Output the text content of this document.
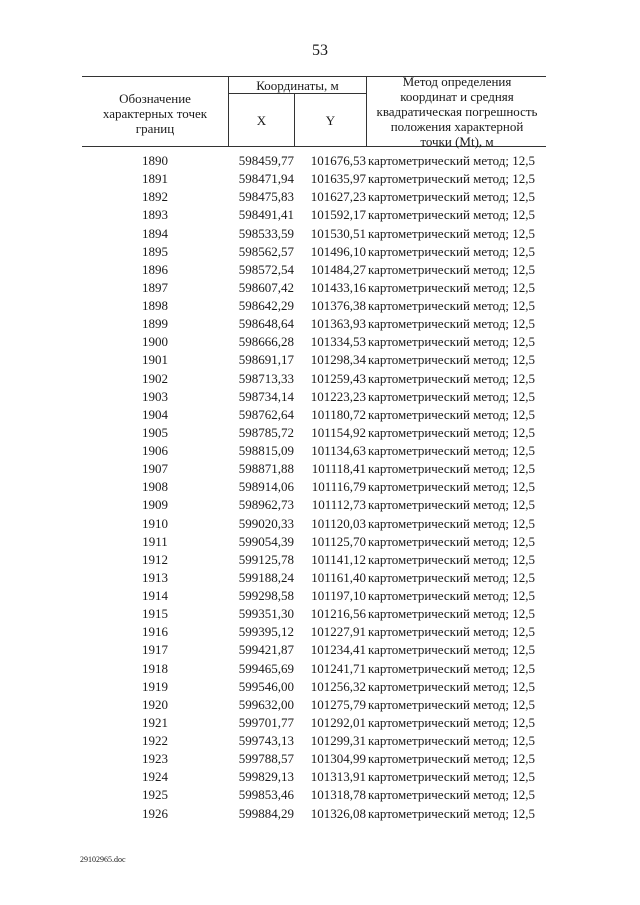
53
Обозначение характерных точек границ
Координаты, м
X	Y
Метод определения координат и средняя квадратическая погрешность положения характерной точки (Mt), м
1890	598459,77	101676,53 картометрический метод; 12,5
1891	598471,94	101635,97 картометрический метод; 12,5
1892	598475,83	101627,23 картометрический метод; 12,5
1893	598491,41	101592,17 картометрический метод; 12,5
1894	598533,59	101530,51 картометрический метод; 12,5
1895	598562,57	101496,10 картометрический метод; 12,5
1896	598572,54	101484,27 картометрический метод; 12,5
1897	598607,42	101433,16 картометрический метод; 12,5
1898	598642,29	101376,38 картометрический метод; 12,5
1899	598648,64	101363,93 картометрический метод; 12,5
1900	598666,28	101334,53 картометрический метод; 12,5
1901	598691,17	101298,34 картометрический метод; 12,5
1902	598713,33	101259,43 картометрический метод; 12,5
1903	598734,14	101223,23 картометрический метод; 12,5
1904	598762,64	101180,72 картометрический метод; 12,5
1905	598785,72	101154,92 картометрический метод; 12,5
1906	598815,09	101134,63 картометрический метод; 12,5
1907	598871,88	101118,41 картометрический метод; 12,5
1908	598914,06	101116,79 картометрический метод; 12,5
1909	598962,73	101112,73 картометрический метод; 12,5
1910	599020,33	101120,03 картометрический метод; 12,5
1911	599054,39	101125,70 картометрический метод; 12,5
1912	599125,78	101141,12 картометрический метод; 12,5
1913	599188,24	101161,40 картометрический метод; 12,5
1914	599298,58	101197,10 картометрический метод; 12,5
1915	599351,30	101216,56 картометрический метод; 12,5
1916	599395,12	101227,91 картометрический метод; 12,5
1917	599421,87	101234,41 картометрический метод; 12,5
1918	599465,69	101241,71 картометрический метод; 12,5
1919	599546,00	101256,32 картометрический метод; 12,5
1920	599632,00	101275,79 картометрический метод; 12,5
1921	599701,77	101292,01 картометрический метод; 12,5
1922	599743,13	101299,31 картометрический метод; 12,5
1923	599788,57	101304,99 картометрический метод; 12,5
1924	599829,13	101313,91 картометрический метод; 12,5
1925	599853,46	101318,78 картометрический метод; 12,5
1926	599884,29	101326,08 картометрический метод; 12,5
29102965.doc
